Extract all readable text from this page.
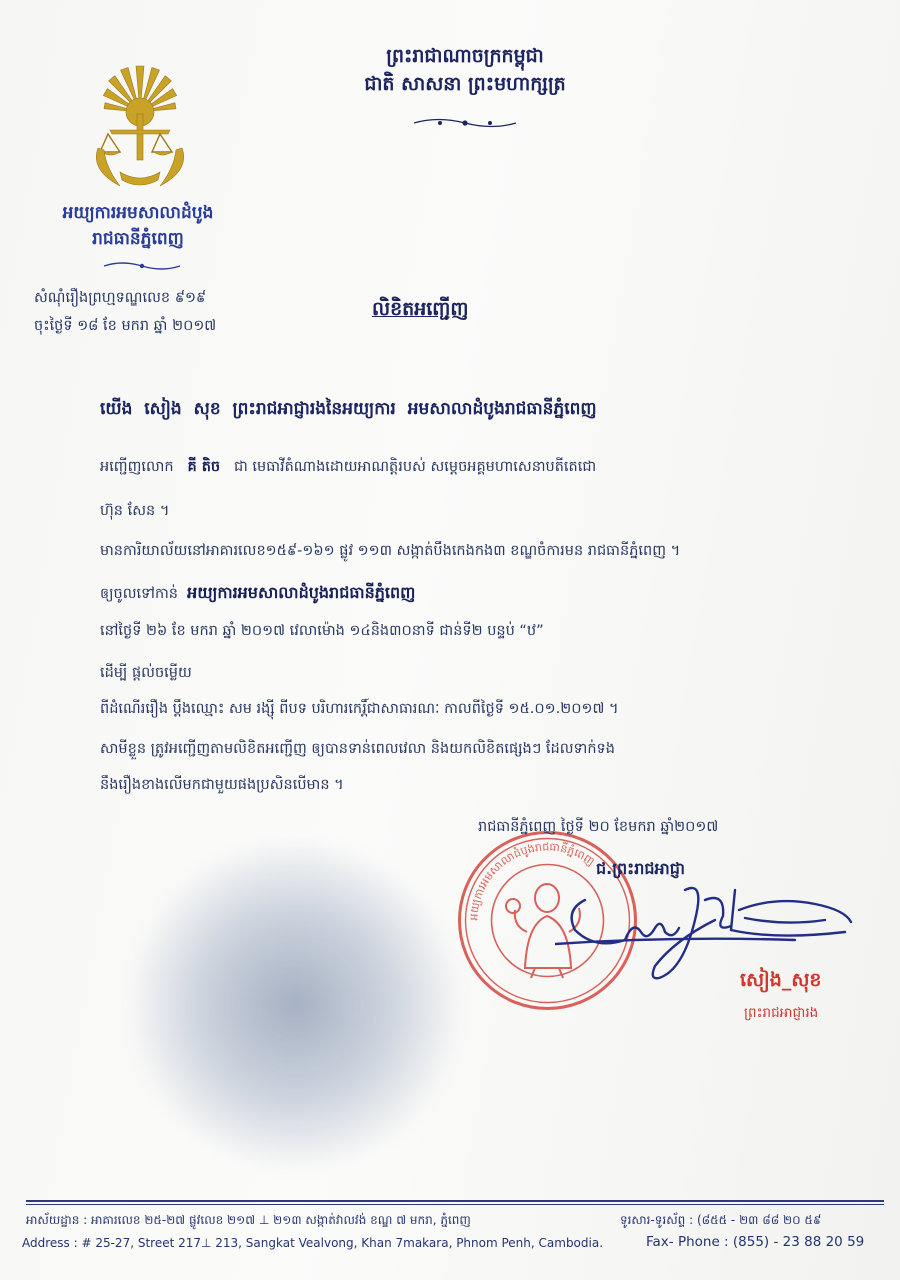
អយ្យការអមសាលាដំបូង
រាជធានីភ្នំពេញ
ព្រះរាជាណាចក្រកម្ពុជា
ជាតិ សាសនា ព្រះមហាក្សត្រ
សំណុំរឿងព្រហ្មទណ្ឌលេខ ៩១៩
ចុះថ្ងៃទី ១៨ ខែ មករា ឆ្នាំ ២០១៧
លិខិតអញ្ជើញ
យើង សៀង សុខ ព្រះរាជអាជ្ញារងនៃអយ្យការ អមសាលាដំបូងរាជធានីភ្នំពេញ
អញ្ជើញលោក គី តិច ជា មេធាវីតំណាងដោយអាណត្តិរបស់ សម្តេចអគ្គមហាសេនាបតីតេជោ
ហ៊ុន សែន ។
មានការិយាល័យនៅអាគារលេខ១៥៩-១៦១ ផ្លូវ ១១៣ សង្កាត់បឹងកេងកង៣ ខណ្ឌចំការមន រាជធានីភ្នំពេញ ។
ឲ្យចូលទៅកាន់ អយ្យការអមសាលាដំបូងរាជធានីភ្នំពេញ
នៅថ្ងៃទី ២៦ ខែ មករា ឆ្នាំ ២០១៧ វេលាម៉ោង ១៤និង៣០នាទី ជាន់ទី២ បន្ទប់ “ឋ”
ដើម្បី ផ្តល់ចម្លើយ
ពីដំណើររឿង ប្តឹងឈ្មោះ សម រង្ស៊ី ពីបទ បរិហារកេរ្តិ៍ជាសាធារណៈ កាលពីថ្ងៃទី ១៥.០១.២០១៧ ។
សាមីខ្លួន ត្រូវអញ្ជើញតាមលិខិតអញ្ជើញ ឲ្យបានទាន់ពេលវេលា និងយកលិខិតផ្សេងៗ ដែលទាក់ទង
នឹងរឿងខាងលើមកជាមួយផងប្រសិនបើមាន ។
អយ្យការអមសាលាដំបូងរាជធានីភ្នំពេញ
រាជធានីភ្នំពេញ ថ្ងៃទី ២០ ខែមករា ឆ្នាំ២០១៧
ជ.ព្រះរាជអាជ្ញា
សៀង_សុខ
ព្រះរាជអាជ្ញារង
អាស័យដ្ឋាន : អាគារលេខ ២៥-២៧ ផ្លូវលេខ ២១៧ ⊥ ២១៣ សង្កាត់វាលវង់ ខណ្ឌ ៧ មករា, ភ្នំពេញ
Address : # 25-27, Street 217⊥ 213, Sangkat Vealvong, Khan 7makara, Phnom Penh, Cambodia.
ទូរសារ-ទូរស័ព្ទ : (៨៥៥ - ២៣ ៨៨ ២០ ៥៩
Fax- Phone : (855) - 23 88 20 59
